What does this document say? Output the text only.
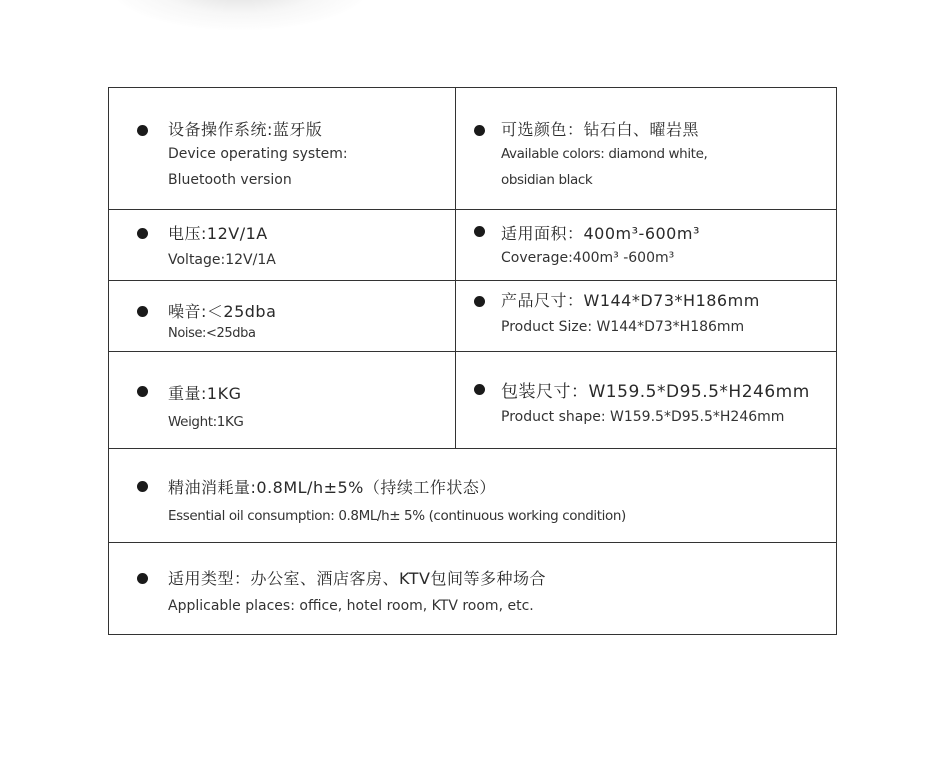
设备操作系统:蓝牙版
Device operating system:
Bluetooth version
可选颜色：钻石白、曜岩黑
Available colors: diamond white,
obsidian black
电压:12V/1A
Voltage:12V/1A
适用面积：400m³-600m³
Coverage:400m³ -600m³
噪音:＜25dba
Noise:<25dba
产品尺寸：W144*D73*H186mm
Product Size: W144*D73*H186mm
重量:1KG
Weight:1KG
包装尺寸：W159.5*D95.5*H246mm
Product shape: W159.5*D95.5*H246mm
精油消耗量:0.8ML/h±5%（持续工作状态）
Essential oil consumption: 0.8ML/h± 5% (continuous working condition)
适用类型：办公室、酒店客房、KTV包间等多种场合
Applicable places: office, hotel room, KTV room, etc.
